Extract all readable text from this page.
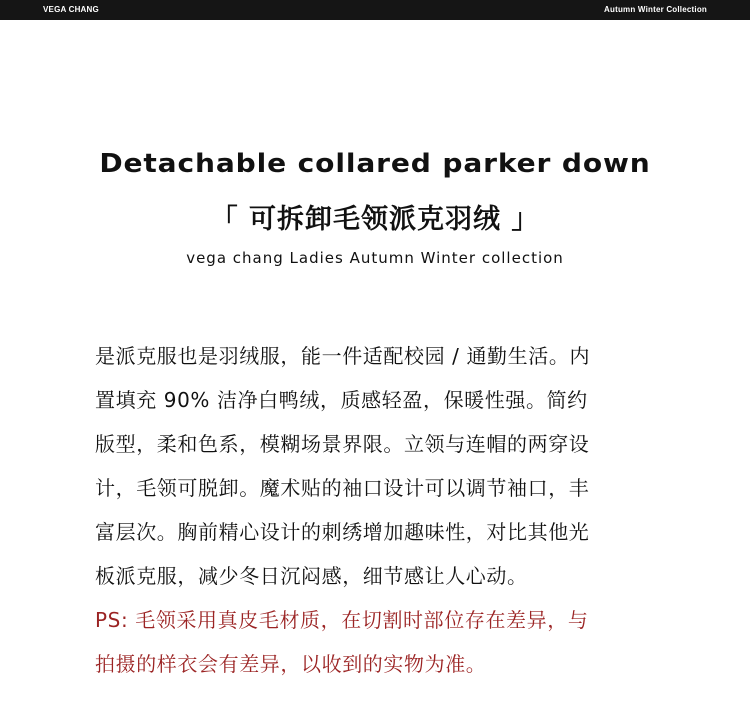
VEGA CHANG	Autumn Winter Collection
Detachable collared parker down
「 可拆卸毛领派克羽绒 」
vega chang Ladies Autumn Winter collection
是派克服也是羽绒服，能一件适配校园 / 通勤生活。内
置填充 90% 洁净白鸭绒，质感轻盈，保暖性强。简约
版型，柔和色系，模糊场景界限。立领与连帽的两穿设
计，毛领可脱卸。魔术贴的袖口设计可以调节袖口，丰
富层次。胸前精心设计的刺绣增加趣味性，对比其他光
板派克服，减少冬日沉闷感，细节感让人心动。
PS: 毛领采用真皮毛材质，在切割时部位存在差异，与
拍摄的样衣会有差异，以收到的实物为准。
